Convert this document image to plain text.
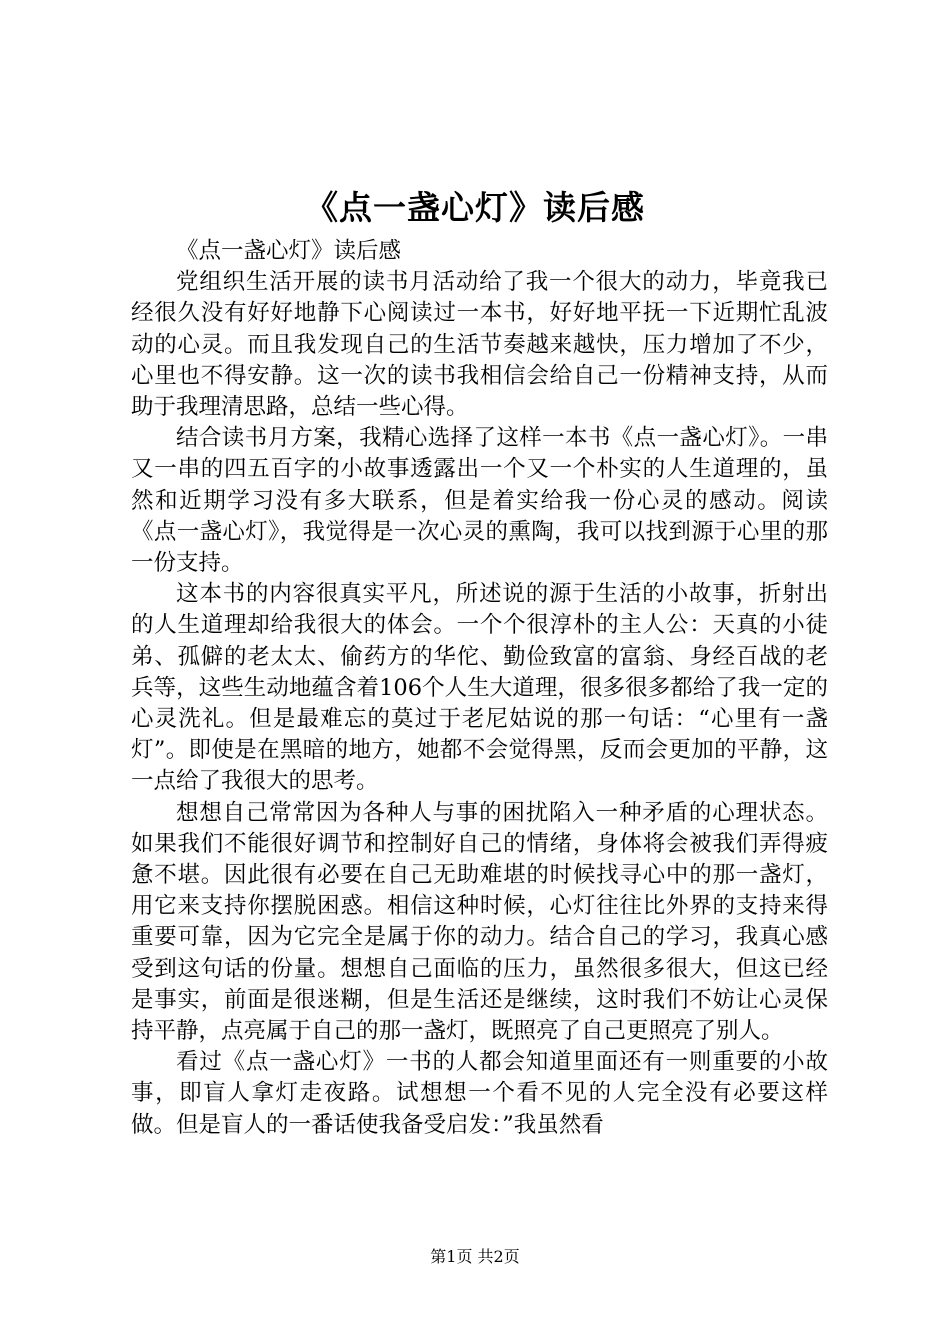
《点一盏心灯》读后感

《点一盏心灯》读后感

党组织生活开展的读书月活动给了我一个很大的动力，毕竟我已经很久没有好好地静下心阅读过一本书，好好地平抚一下近期忙乱波动的心灵。而且我发现自己的生活节奏越来越快，压力增加了不少，心里也不得安静。这一次的读书我相信会给自己一份精神支持，从而助于我理清思路，总结一些心得。

结合读书月方案，我精心选择了这样一本书《点一盏心灯》。一串又一串的四五百字的小故事透露出一个又一个朴实的人生道理的，虽然和近期学习没有多大联系，但是着实给我一份心灵的感动。阅读《点一盏心灯》，我觉得是一次心灵的熏陶，我可以找到源于心里的那一份支持。

这本书的内容很真实平凡，所述说的源于生活的小故事，折射出的人生道理却给我很大的体会。一个个很淳朴的主人公：天真的小徒弟、孤僻的老太太、偷药方的华佗、勤俭致富的富翁、身经百战的老兵等，这些生动地蕴含着106个人生大道理，很多很多都给了我一定的心灵洗礼。但是最难忘的莫过于老尼姑说的那一句话：“心里有一盏灯”。即使是在黑暗的地方，她都不会觉得黑，反而会更加的平静，这一点给了我很大的思考。

想想自己常常因为各种人与事的困扰陷入一种矛盾的心理状态。如果我们不能很好调节和控制好自己的情绪，身体将会被我们弄得疲惫不堪。因此很有必要在自己无助难堪的时候找寻心中的那一盏灯，用它来支持你摆脱困惑。相信这种时候，心灯往往比外界的支持来得重要可靠，因为它完全是属于你的动力。结合自己的学习，我真心感受到这句话的份量。想想自己面临的压力，虽然很多很大，但这已经是事实，前面是很迷糊，但是生活还是继续，这时我们不妨让心灵保持平静，点亮属于自己的那一盏灯，既照亮了自己更照亮了别人。

看过《点一盏心灯》一书的人都会知道里面还有一则重要的小故事，即盲人拿灯走夜路。试想想一个看不见的人完全没有必要这样做。但是盲人的一番话使我备受启发：”我虽然看

第1页 共2页
